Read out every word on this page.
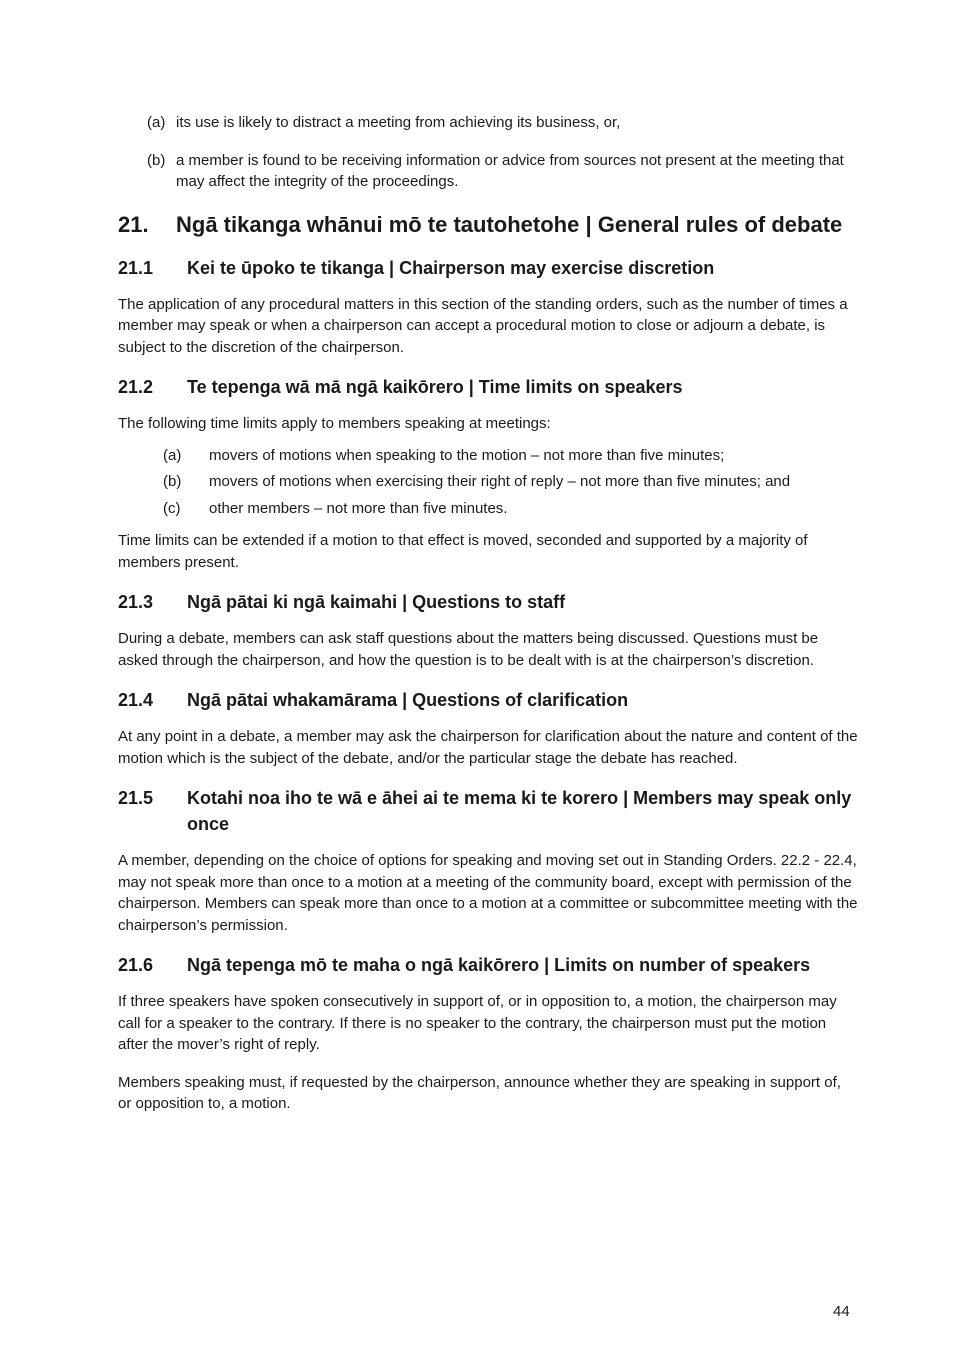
(a) its use is likely to distract a meeting from achieving its business, or,
(b) a member is found to be receiving information or advice from sources not present at the meeting that may affect the integrity of the proceedings.
21.	Ngā tikanga whānui mō te tautohetohe | General rules of debate
21.1	Kei te ūpoko te tikanga | Chairperson may exercise discretion

The application of any procedural matters in this section of the standing orders, such as the number of times a member may speak or when a chairperson can accept a procedural motion to close or adjourn a debate, is subject to the discretion of the chairperson.

21.2	Te tepenga wā mā ngā kaikōrero | Time limits on speakers

The following time limits apply to members speaking at meetings:

(a)	movers of motions when speaking to the motion – not more than five minutes;
(b)	movers of motions when exercising their right of reply – not more than five minutes; and
(c)	other members – not more than five minutes.

Time limits can be extended if a motion to that effect is moved, seconded and supported by a majority of members present.

21.3	Ngā pātai ki ngā kaimahi | Questions to staff

During a debate, members can ask staff questions about the matters being discussed. Questions must be asked through the chairperson, and how the question is to be dealt with is at the chairperson’s discretion.

21.4	Ngā pātai whakamārama | Questions of clarification

At any point in a debate, a member may ask the chairperson for clarification about the nature and content of the motion which is the subject of the debate, and/or the particular stage the debate has reached.

21.5	Kotahi noa iho te wā e āhei ai te mema ki te korero | Members may speak only once

A member, depending on the choice of options for speaking and moving set out in Standing Orders. 22.2 - 22.4, may not speak more than once to a motion at a meeting of the community board, except with permission of the chairperson. Members can speak more than once to a motion at a committee or subcommittee meeting with the chairperson’s permission.

21.6	Ngā tepenga mō te maha o ngā kaikōrero | Limits on number of speakers

If three speakers have spoken consecutively in support of, or in opposition to, a motion, the chairperson may call for a speaker to the contrary. If there is no speaker to the contrary, the chairperson must put the motion after the mover’s right of reply.

Members speaking must, if requested by the chairperson, announce whether they are speaking in support of, or opposition to, a motion.

44
